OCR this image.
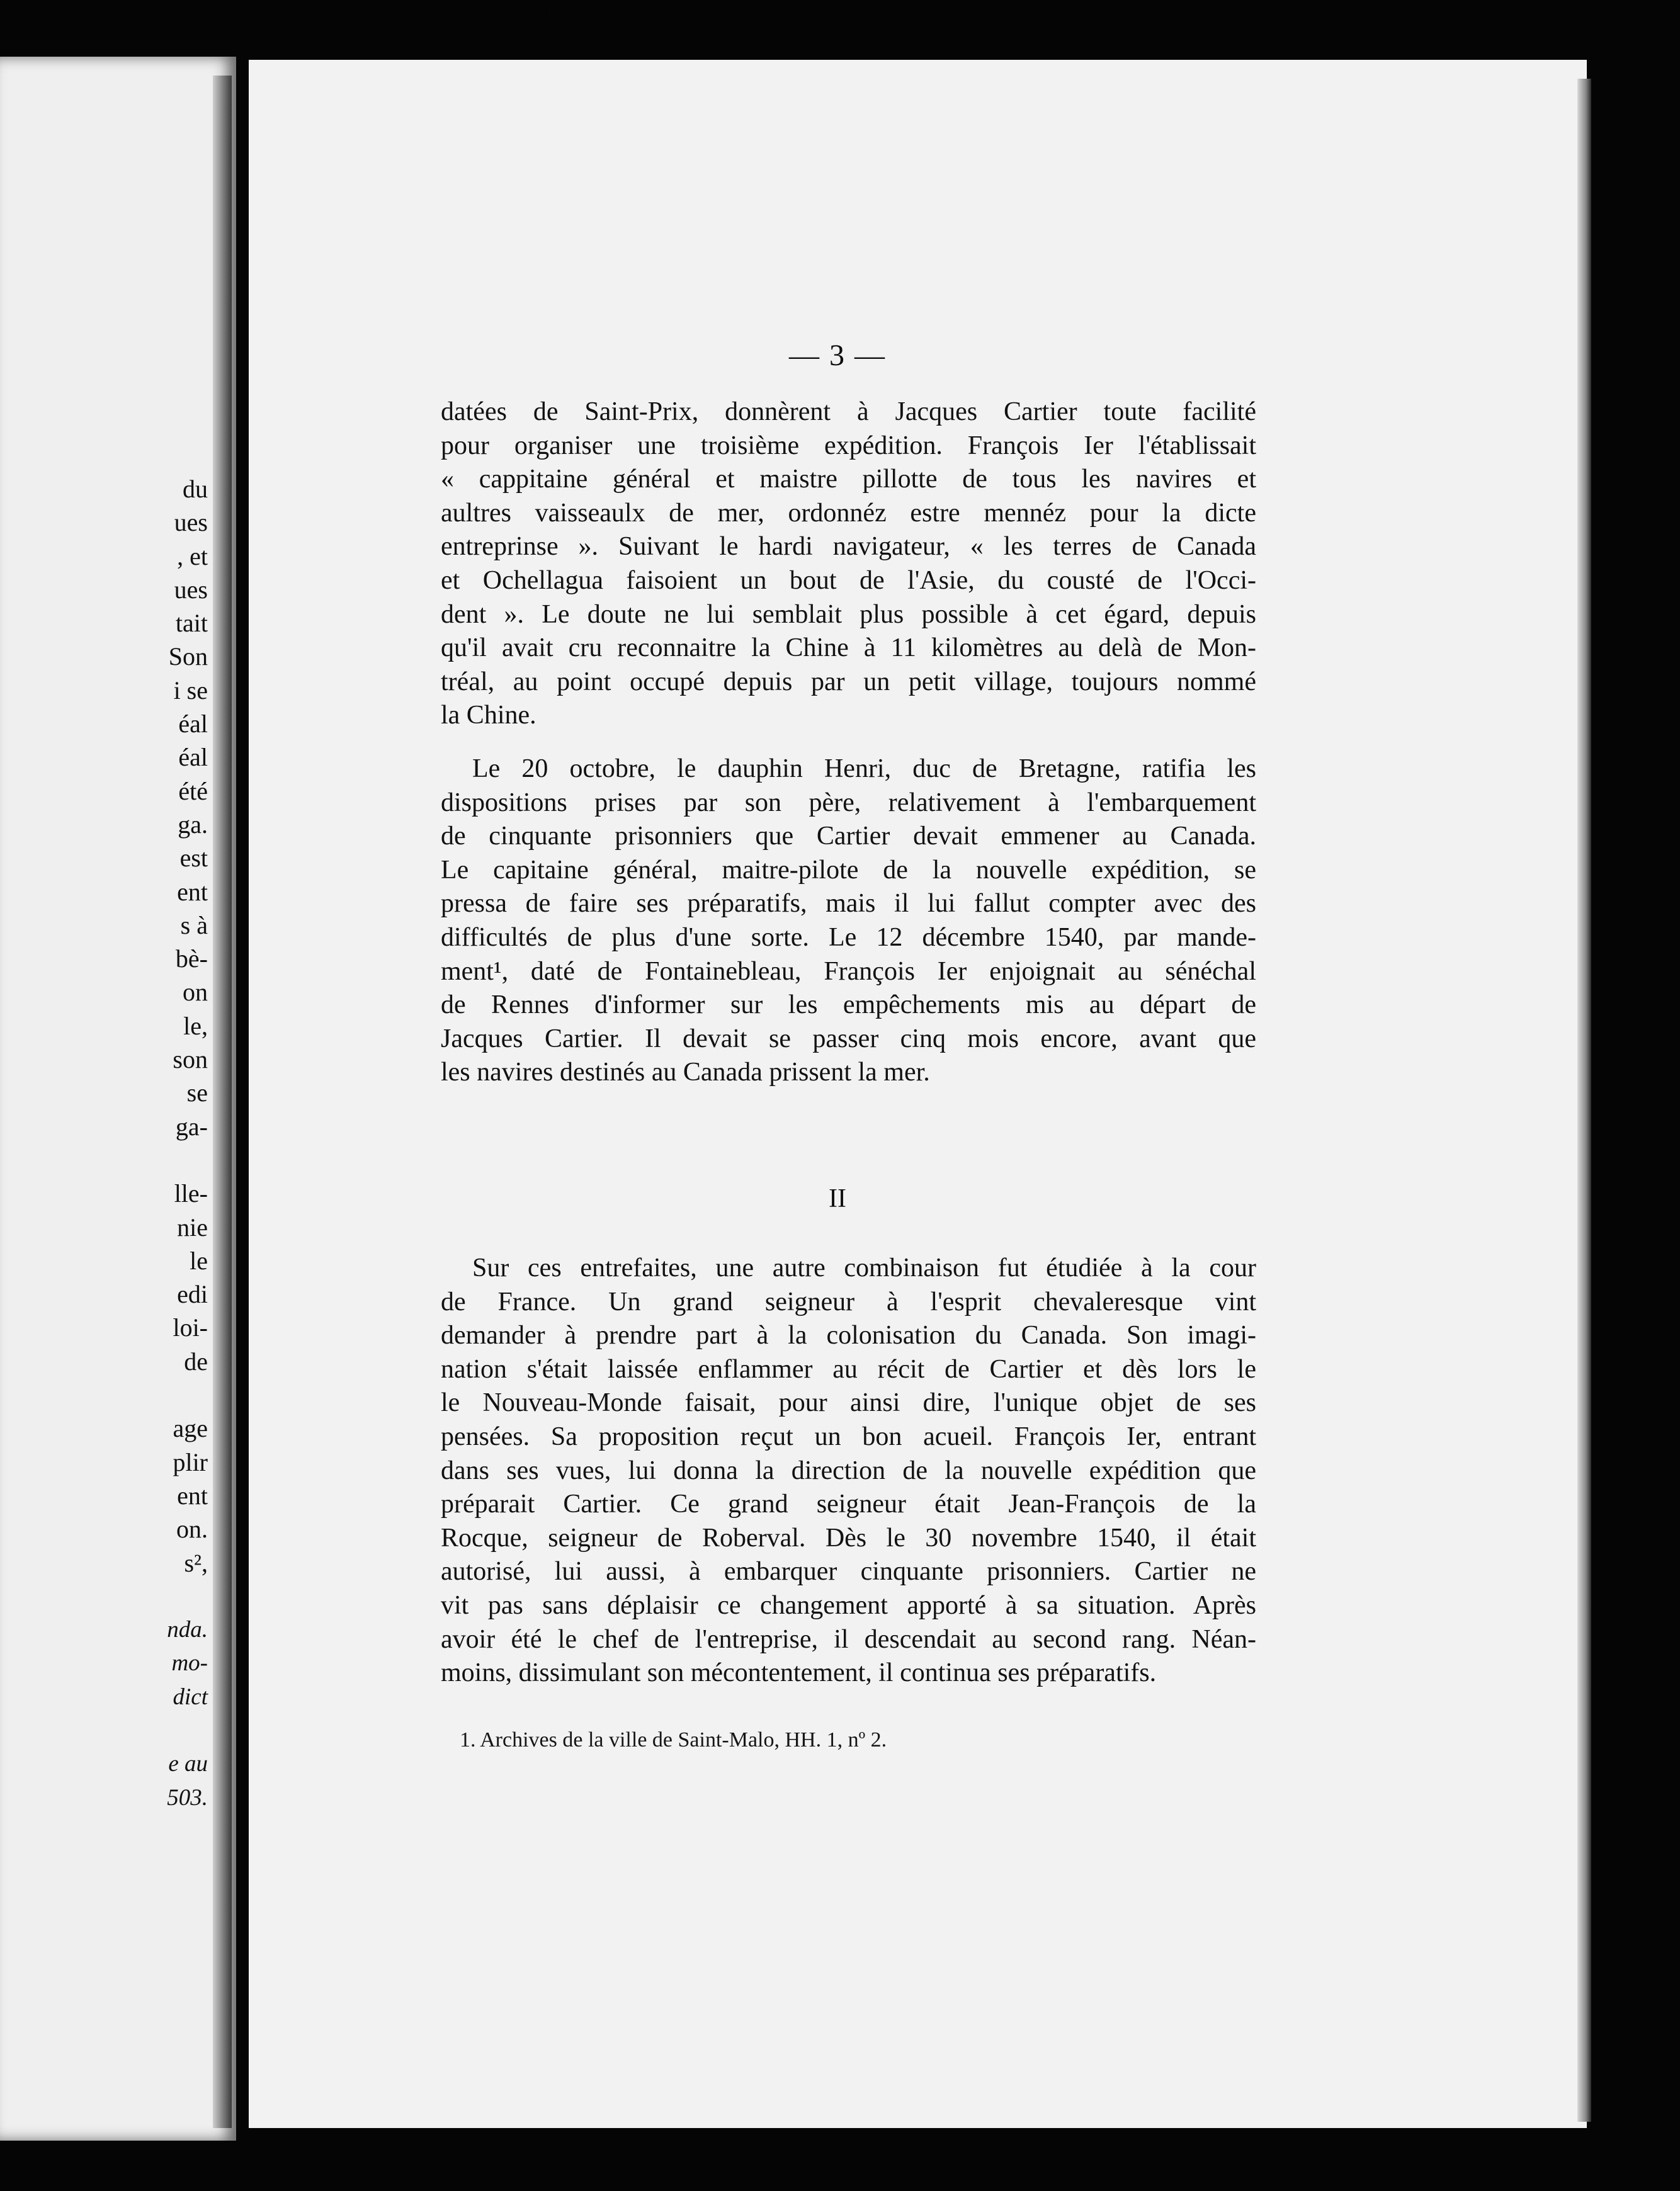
du
ues
, et
ues
tait
Son
i se
éal
éal
été
ga.
est
ent
s à
bè-
on
le,
son
se
ga-
lle-
nie
le
edi
loi-
de
age
plir
ent
on.
s²,
nda.
mo-
dict
e au
503.
— 3 —
datées de Saint-Prix, donnèrent à Jacques Cartier toute facilité
pour organiser une troisième expédition. François Ier l'établissait
« cappitaine général et maistre pillotte de tous les navires et
aultres vaisseaulx de mer, ordonnéz estre mennéz pour la dicte
entreprinse ». Suivant le hardi navigateur, « les terres de Canada
et Ochellagua faisoient un bout de l'Asie, du cousté de l'Occi-
dent ». Le doute ne lui semblait plus possible à cet égard, depuis
qu'il avait cru reconnaitre la Chine à 11 kilomètres au delà de Mon-
tréal, au point occupé depuis par un petit village, toujours nommé
la Chine.
Le 20 octobre, le dauphin Henri, duc de Bretagne, ratifia les
dispositions prises par son père, relativement à l'embarquement
de cinquante prisonniers que Cartier devait emmener au Canada.
Le capitaine général, maitre-pilote de la nouvelle expédition, se
pressa de faire ses préparatifs, mais il lui fallut compter avec des
difficultés de plus d'une sorte. Le 12 décembre 1540, par mande-
ment¹, daté de Fontainebleau, François Ier enjoignait au sénéchal
de Rennes d'informer sur les empêchements mis au départ de
Jacques Cartier. Il devait se passer cinq mois encore, avant que
les navires destinés au Canada prissent la mer.
II
Sur ces entrefaites, une autre combinaison fut étudiée à la cour
de France. Un grand seigneur à l'esprit chevaleresque vint
demander à prendre part à la colonisation du Canada. Son imagi-
nation s'était laissée enflammer au récit de Cartier et dès lors le
le Nouveau-Monde faisait, pour ainsi dire, l'unique objet de ses
pensées. Sa proposition reçut un bon acueil. François Ier, entrant
dans ses vues, lui donna la direction de la nouvelle expédition que
préparait Cartier. Ce grand seigneur était Jean-François de la
Rocque, seigneur de Roberval. Dès le 30 novembre 1540, il était
autorisé, lui aussi, à embarquer cinquante prisonniers. Cartier ne
vit pas sans déplaisir ce changement apporté à sa situation. Après
avoir été le chef de l'entreprise, il descendait au second rang. Néan-
moins, dissimulant son mécontentement, il continua ses préparatifs.
1. Archives de la ville de Saint-Malo, HH. 1, nº 2.
